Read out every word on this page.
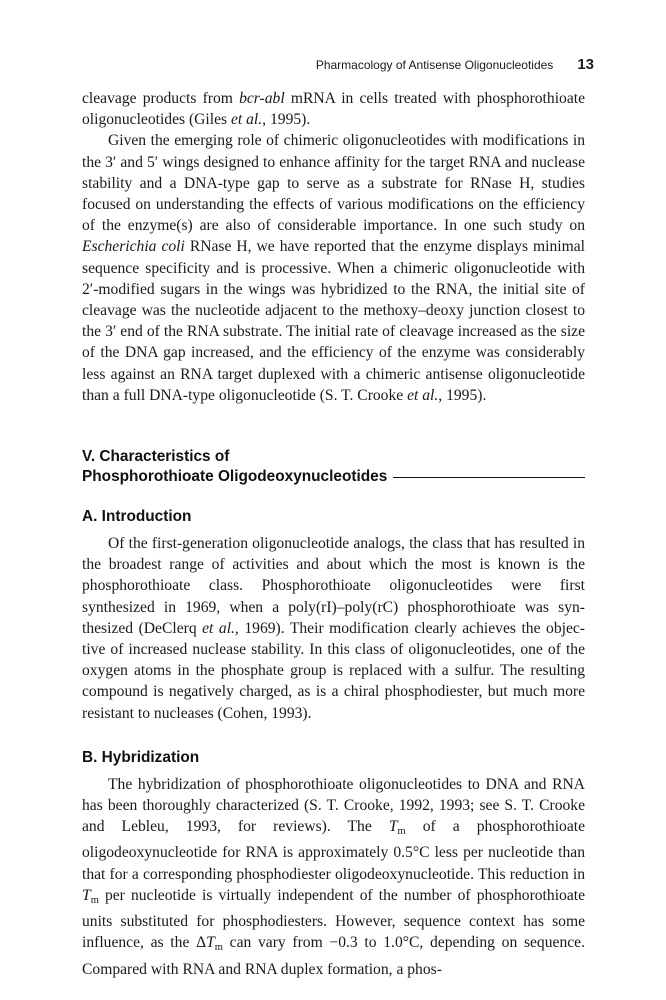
Pharmacology of Antisense Oligonucleotides 13

cleavage products from bcr-abl mRNA in cells treated with phosphorothioate oligonucleotides (Giles et al., 1995).

Given the emerging role of chimeric oligonucleotides with modifications in the 3′ and 5′ wings designed to enhance affinity for the target RNA and nuclease stability and a DNA-type gap to serve as a substrate for RNase H, studies focused on understanding the effects of various modifications on the efficiency of the enzyme(s) are also of considerable importance. In one such study on Escherichia coli RNase H, we have reported that the enzyme displays minimal sequence specificity and is processive. When a chimeric oligonucleotide with 2′-modified sugars in the wings was hybridized to the RNA, the initial site of cleavage was the nucleotide adjacent to the methoxy–deoxy junction closest to the 3′ end of the RNA substrate. The initial rate of cleavage increased as the size of the DNA gap increased, and the efficiency of the enzyme was considerably less against an RNA target duplexed with a chimeric antisense oligonucleotide than a full DNA-type oligonucleotide (S. T. Crooke et al., 1995).

V. Characteristics of
Phosphorothioate Oligodeoxynucleotides
A. Introduction

Of the first-generation oligonucleotide analogs, the class that has resulted in the broadest range of activities and about which the most is known is the phosphorothioate class. Phosphorothioate oligonucleotides were first synthesized in 1969, when a poly(rI)–poly(rC) phosphorothioate was synthesized (DeClerq et al., 1969). Their modification clearly achieves the objective of increased nuclease stability. In this class of oligonucleotides, one of the oxygen atoms in the phosphate group is replaced with a sulfur. The resulting compound is negatively charged, as is a chiral phosphodiester, but much more resistant to nucleases (Cohen, 1993).

B. Hybridization

The hybridization of phosphorothioate oligonucleotides to DNA and RNA has been thoroughly characterized (S. T. Crooke, 1992, 1993; see S. T. Crooke and Lebleu, 1993, for reviews). The $T_m$ of a phosphorothioate oligodeoxynucleotide for RNA is approximately 0.5°C less per nucleotide than that for a corresponding phosphodiester oligodeoxynucleotide. This reduction in $T_m$ per nucleotide is virtually independent of the number of phosphorothioate units substituted for phosphodiesters. However, sequence context has some influence, as the $\Delta T_m$ can vary from −0.3 to 1.0°C, depending on sequence. Compared with RNA and RNA duplex formation, a phos-
